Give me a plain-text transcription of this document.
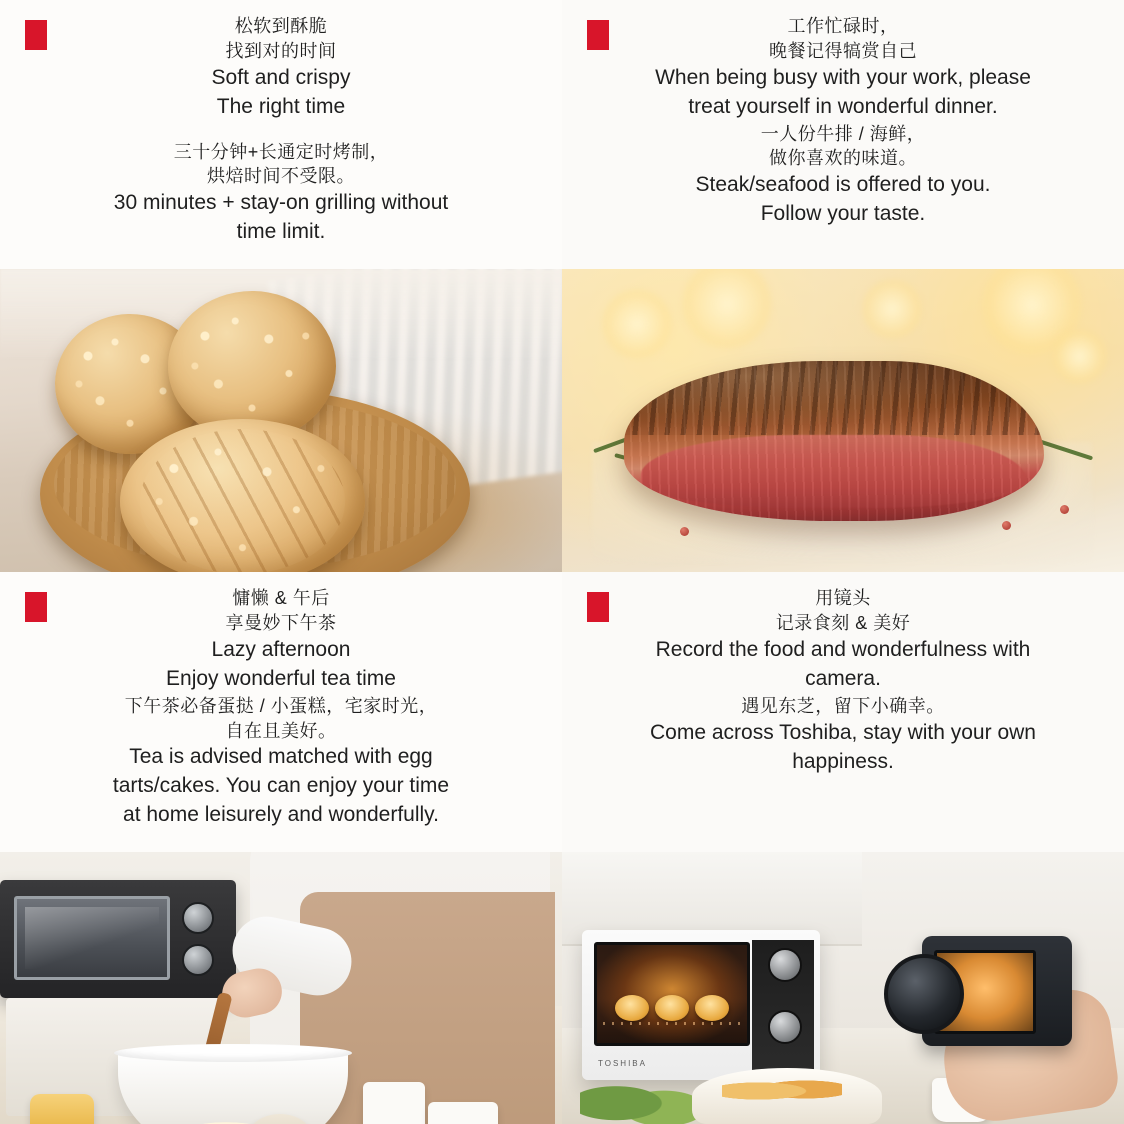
松软到酥脆
找到对的时间
Soft and crispy
The right time
三十分钟+长通定时烤制，
烘焙时间不受限。
30 minutes + stay-on grilling without
time limit.
工作忙碌时，
晚餐记得犒赏自己
When being busy with your work, please
treat yourself in wonderful dinner.
一人份牛排 / 海鲜，
做你喜欢的味道。
Steak/seafood is offered to you.
Follow your taste.
慵懒 & 午后
享曼妙下午茶
Lazy afternoon
Enjoy wonderful tea time
下午茶必备蛋挞 / 小蛋糕，宅家时光，
自在且美好。
Tea is advised matched with egg
tarts/cakes. You can enjoy your time
at home leisurely and wonderfully.
用镜头
记录食刻 & 美好
Record the food and wonderfulness with
camera.
遇见东芝，留下小确幸。
Come across Toshiba, stay with your own
happiness.
TOSHIBA
